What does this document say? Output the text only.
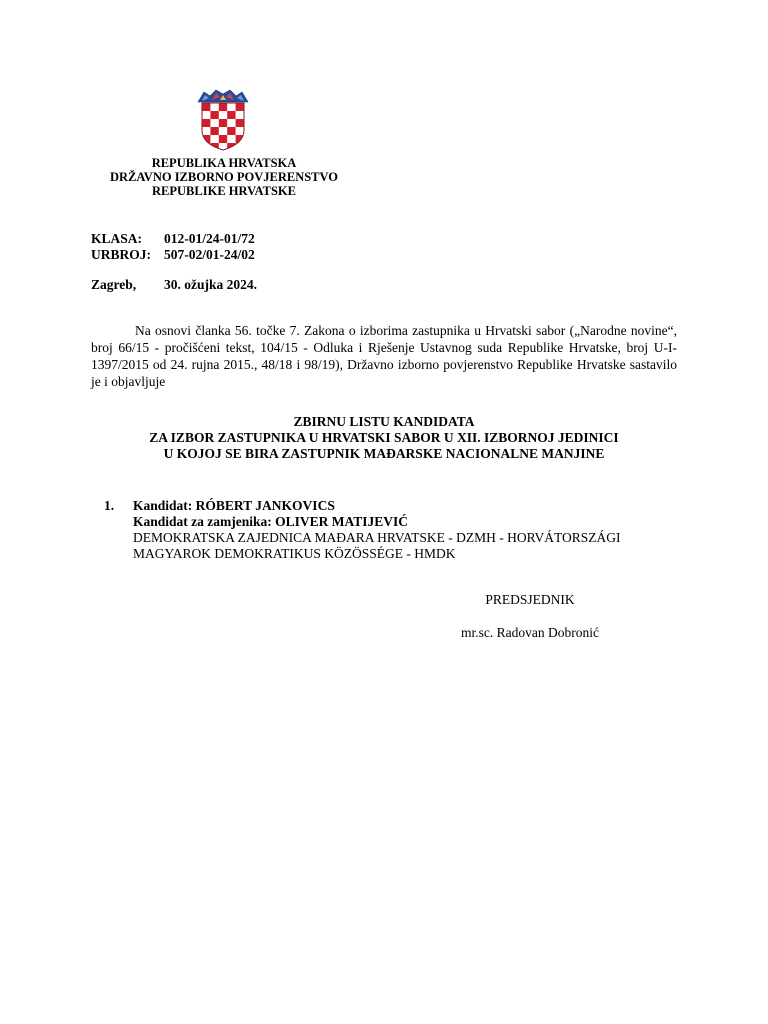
REPUBLIKA HRVATSKA
DRŽAVNO IZBORNO POVJERENSTVO
REPUBLIKE HRVATSKE
KLASA: 012-01/24-01/72
URBROJ: 507-02/01-24/02
Zagreb, 30. ožujka 2024.
Na osnovi članka 56. točke 7. Zakona o izborima zastupnika u Hrvatski sabor („Narodne novine“, broj 66/15 - pročišćeni tekst, 104/15 - Odluka i Rješenje Ustavnog suda Republike Hrvatske, broj U-I-1397/2015 od 24. rujna 2015., 48/18 i 98/19), Državno izborno povjerenstvo Republike Hrvatske sastavilo je i objavljuje
ZBIRNU LISTU KANDIDATA
ZA IZBOR ZASTUPNIKA U HRVATSKI SABOR U XII. IZBORNOJ JEDINICI
U KOJOJ SE BIRA ZASTUPNIK MAĐARSKE NACIONALNE MANJINE
1. Kandidat: RÓBERT JANKOVICS
Kandidat za zamjenika: OLIVER MATIJEVIĆ
DEMOKRATSKA ZAJEDNICA MAĐARA HRVATSKE - DZMH - HORVÁTORSZÁGI MAGYAROK DEMOKRATIKUS KÖZÖSSÉGE - HMDK
PREDSJEDNIK
mr.sc. Radovan Dobronić
